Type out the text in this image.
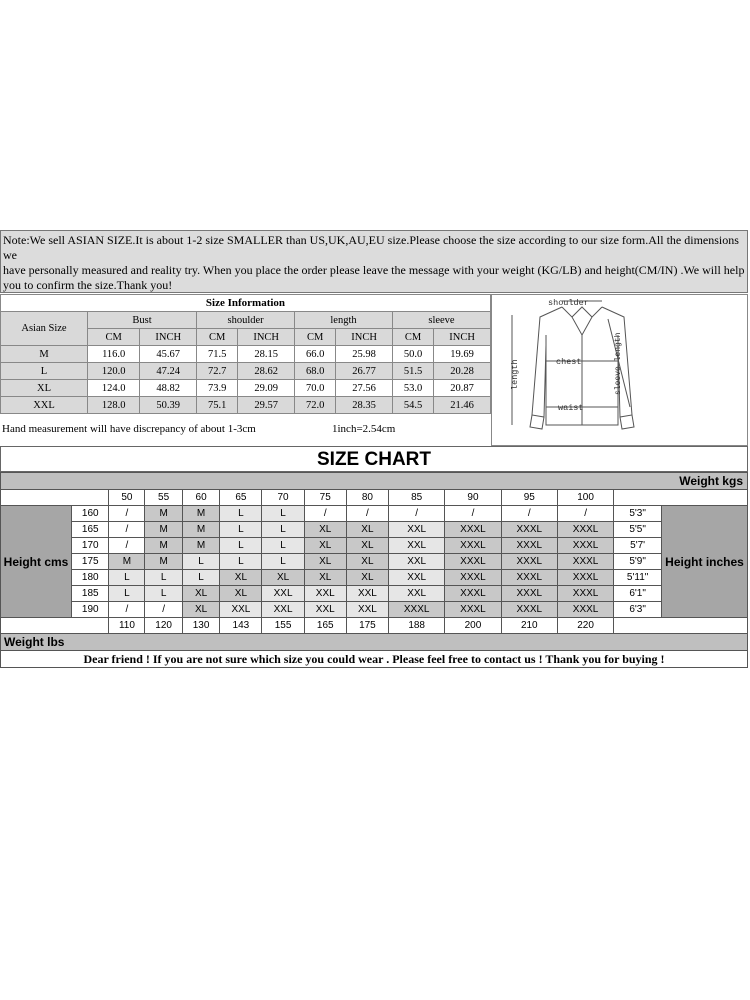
Note:We sell ASIAN SIZE.It is about 1-2 size SMALLER than US,UK,AU,EU size.Please choose the size according to our size form.All the dimensions we

have personally measured and reality try. When you place the order please leave the message with your weight (KG/LB) and height(CM/IN) .We will help you to confirm the size.Thank you!

Size Information								
Asian Size	Bust		shoulder		length		sleeve	
	CM	INCH	CM	INCH	CM	INCH	CM	INCH
M	116.0	45.67	71.5	28.15	66.0	25.98	50.0	19.69
L	120.0	47.24	72.7	28.62	68.0	26.77	51.5	20.28
XL	124.0	48.82	73.9	29.09	70.0	27.56	53.0	20.87
XXL	128.0	50.39	75.1	29.57	72.0	28.35	54.5	21.46
Hand measurement will have discrepancy of about 1-3cm	1inch=2.54cm
shoulder
chest
waist
length	sleeve length
SIZE CHART
Weight kgs														
		50	55	60	65	70	75	80	85	90	95	100		
Height cms	160	/	M	M	L	L	/	/	/	/	/	/	5'3"	Height inches
	165	/	M	M	L	L	XL	XL	XXL	XXXL	XXXL	XXXL	5'5"	
	170	/	M	M	L	L	XL	XL	XXL	XXXL	XXXL	XXXL	5'7'	
	175	M	M	L	L	L	XL	XL	XXL	XXXL	XXXL	XXXL	5'9"	
	180	L	L	L	XL	XL	XL	XL	XXL	XXXL	XXXL	XXXL	5'11"	
	185	L	L	XL	XL	XXL	XXL	XXL	XXL	XXXL	XXXL	XXXL	6'1"	
	190	/	/	XL	XXL	XXL	XXL	XXL	XXXL	XXXL	XXXL	XXXL	6'3"	
		110	120	130	143	155	165	175	188	200	210	220		
Weight lbs														
Dear friend ! If you are not sure which size you could wear . Please feel free to contact us ! Thank you for buying !														
